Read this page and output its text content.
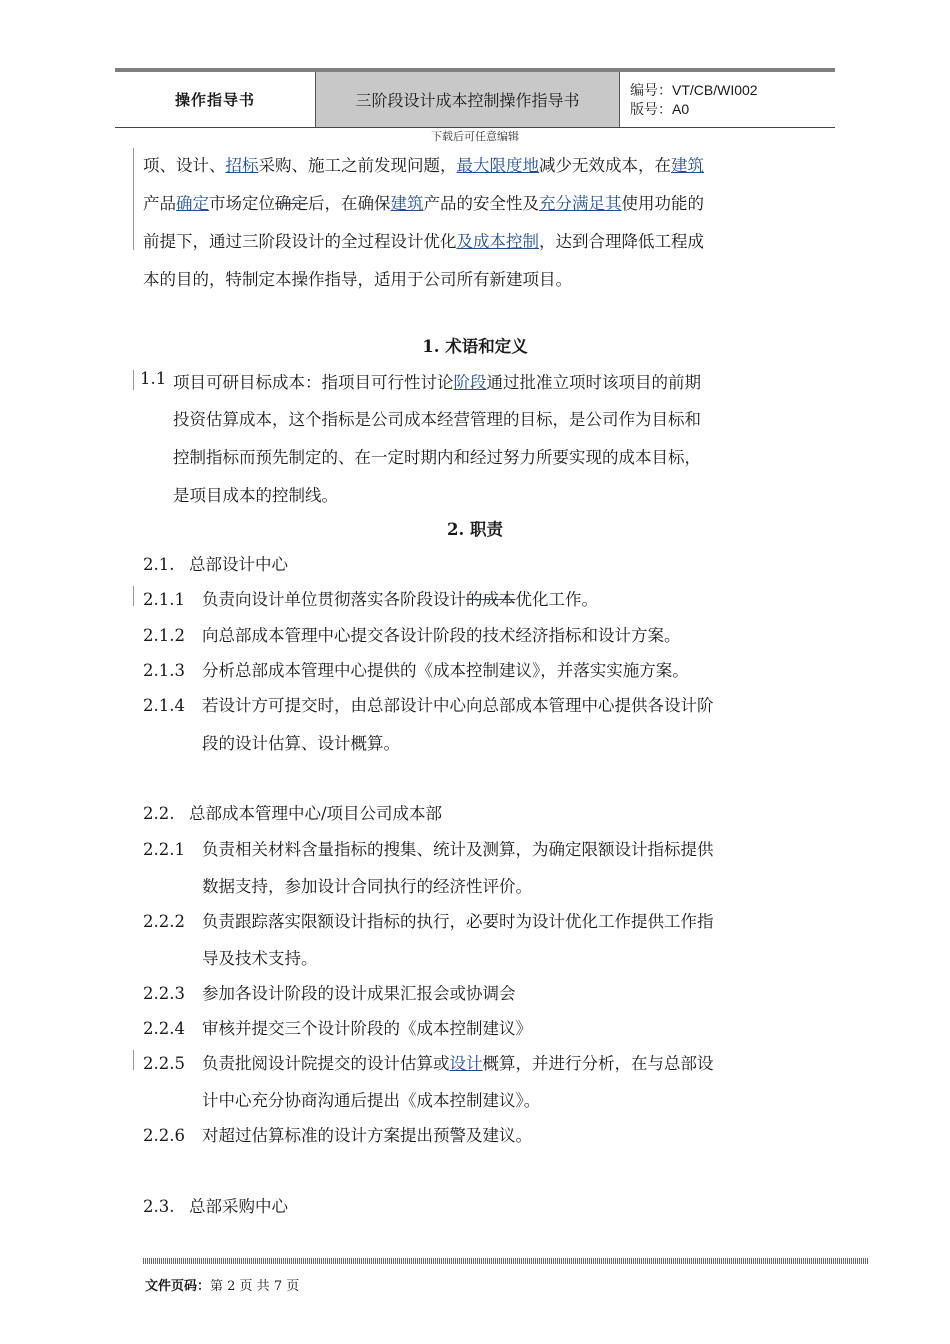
操作指导书	三阶段设计成本控制操作指导书
编号：VT/CB/WI002
版号：A0
下载后可任意编辑
项、设计、招标采购、施工之前发现问题，最大限度地减少无效成本，在建筑
产品确定市场定位确定后，在确保建筑产品的安全性及充分满足其使用功能的
前提下，通过三阶段设计的全过程设计优化及成本控制，达到合理降低工程成
本的目的，特制定本操作指导，适用于公司所有新建项目。
1. 术语和定义
1.1 项目可研目标成本：指项目可行性讨论阶段通过批准立项时该项目的前期
投资估算成本，这个指标是公司成本经营管理的目标，是公司作为目标和
控制指标而预先制定的、在一定时期内和经过努力所要实现的成本目标，
是项目成本的控制线。
2. 职责
2.1. 总部设计中心
2.1.1 负责向设计单位贯彻落实各阶段设计的成本优化工作。
2.1.2 向总部成本管理中心提交各设计阶段的技术经济指标和设计方案。
2.1.3 分析总部成本管理中心提供的《成本控制建议》，并落实实施方案。
2.1.4 若设计方可提交时，由总部设计中心向总部成本管理中心提供各设计阶
段的设计估算、设计概算。
2.2. 总部成本管理中心/项目公司成本部
2.2.1 负责相关材料含量指标的搜集、统计及测算，为确定限额设计指标提供
数据支持，参加设计合同执行的经济性评价。
2.2.2 负责跟踪落实限额设计指标的执行，必要时为设计优化工作提供工作指
导及技术支持。
2.2.3 参加各设计阶段的设计成果汇报会或协调会
2.2.4 审核并提交三个设计阶段的《成本控制建议》
2.2.5 负责批阅设计院提交的设计估算或设计概算，并进行分析，在与总部设
计中心充分协商沟通后提出《成本控制建议》。
2.2.6 对超过估算标准的设计方案提出预警及建议。
2.3. 总部采购中心
文件页码：第 2 页 共 7 页
